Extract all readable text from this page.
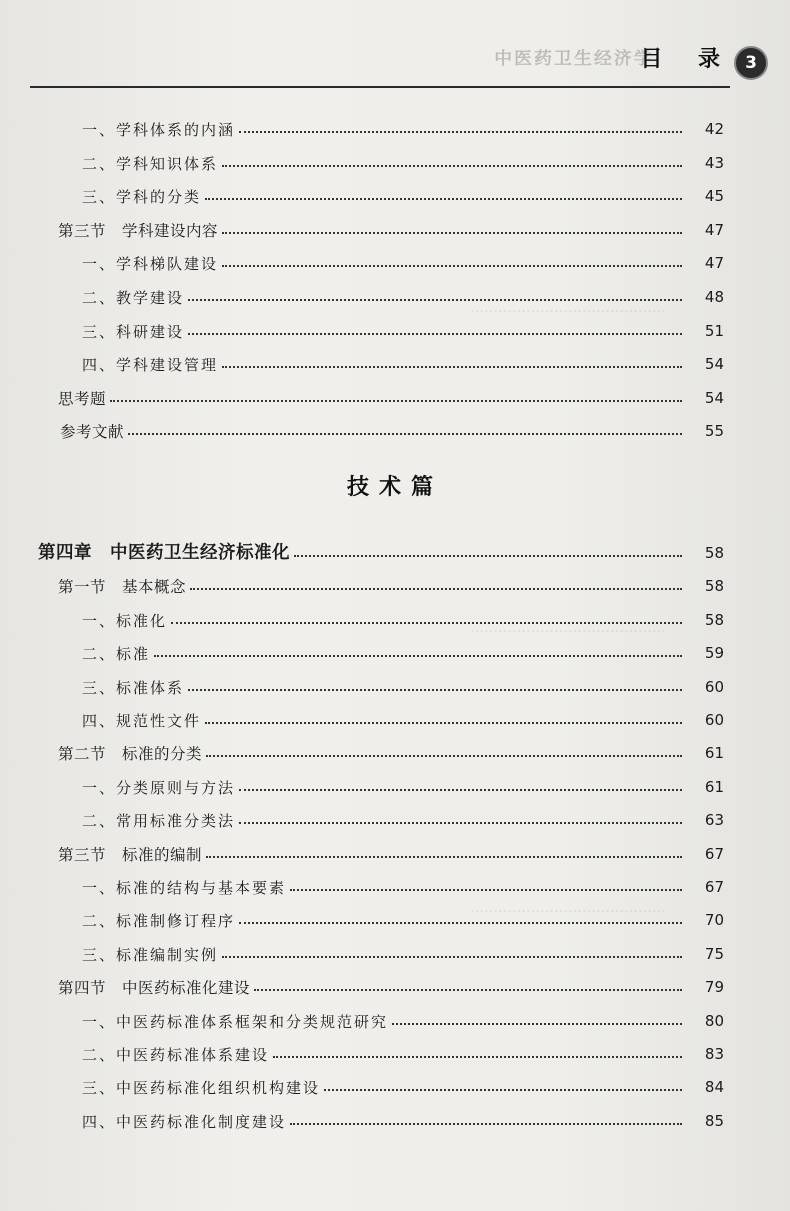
……………………………………
……………………………………
……………………………………
……………………………………
中医药卫生经济学
目 录 3
一、学科体系的内涵	42
二、学科知识体系	43
三、学科的分类	45
第三节　学科建设内容	47
一、学科梯队建设	47
二、教学建设	48
三、科研建设	51
四、学科建设管理	54
思考题	54
参考文献	55
技术篇
第四章　中医药卫生经济标准化	58
第一节　基本概念	58
一、标准化	58
二、标准	59
三、标准体系	60
四、规范性文件	60
第二节　标准的分类	61
一、分类原则与方法	61
二、常用标准分类法	63
第三节　标准的编制	67
一、标准的结构与基本要素	67
二、标准制修订程序	70
三、标准编制实例	75
第四节　中医药标准化建设	79
一、中医药标准体系框架和分类规范研究	80
二、中医药标准体系建设	83
三、中医药标准化组织机构建设	84
四、中医药标准化制度建设	85
